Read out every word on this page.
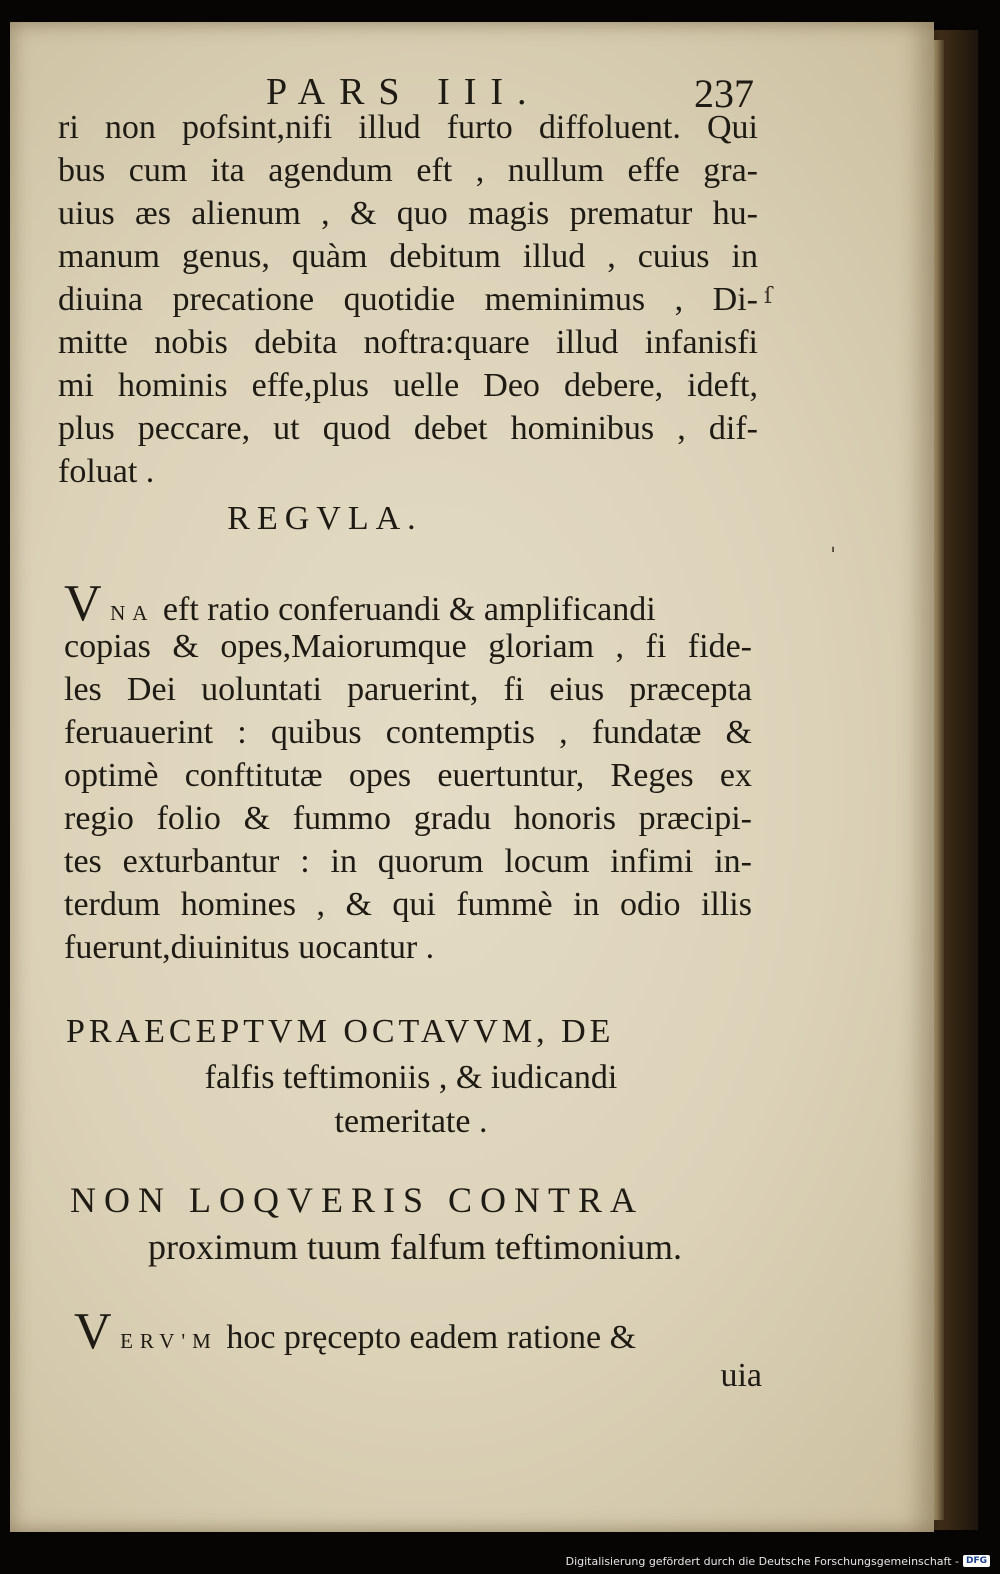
PARS III.	237
ri non pofsint,nifi illud furto diffoluent. Qui
bus cum ita agendum eft , nullum effe gra-
uius æs alienum , & quo magis prematur hu-
manum genus, quàm debitum illud , cuius in
diuina precatione quotidie meminimus , Di-
mitte nobis debita noftra:quare illud infanisfi
mi hominis effe,plus uelle Deo debere, ideft,
plus peccare, ut quod debet hominibus , dif-
foluat .
REGVLA.
V NA eft ratio conferuandi & amplificandi
copias & opes,Maiorumque gloriam , fi fide-
les Dei uoluntati paruerint, fi eius præcepta
feruauerint : quibus contemptis , fundatæ &
optimè conftitutæ opes euertuntur, Reges ex
regio folio & fummo gradu honoris præcipi-
tes exturbantur : in quorum locum infimi in-
terdum homines , & qui fummè in odio illis
fuerunt,diuinitus uocantur .
PRAECEPTVM OCTAVVM, DE
falfis teftimoniis , & iudicandi
temeritate .
NON LOQVERIS CONTRA
proximum tuum falfum teftimonium.
V ERV'M hoc pręcepto eadem ratione &
uia
ſ
ˌ
Digitalisierung gefördert durch die Deutsche Forschungsgemeinschaft - DFG
